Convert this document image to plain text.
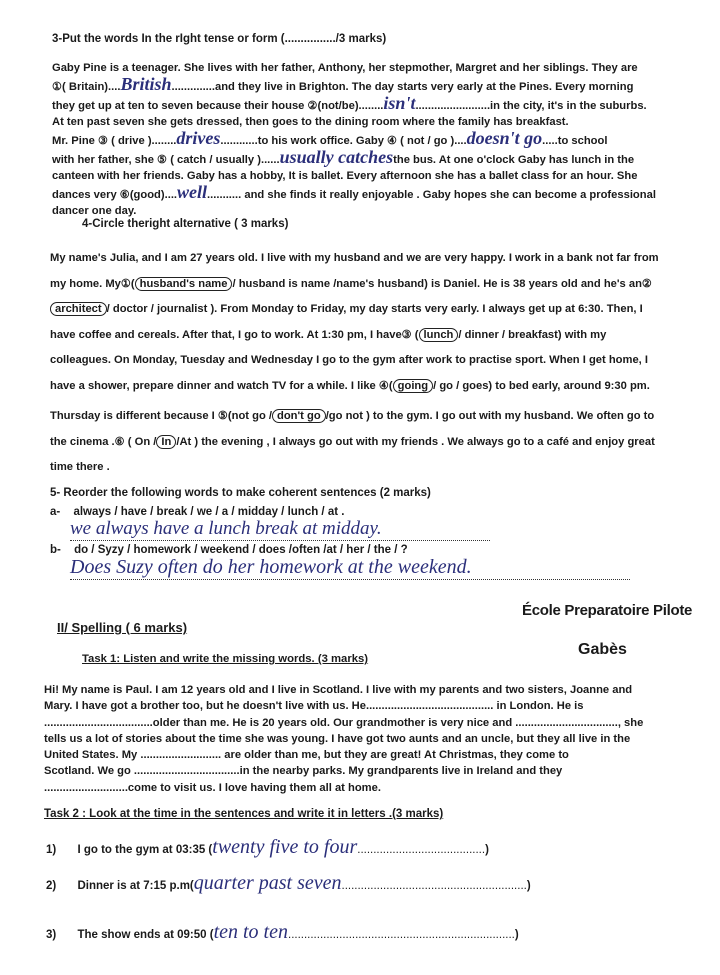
3-Put the words In the rIght tense or form (................/3 marks)

Gaby Pine is a teenager. She lives with her father, Anthony, her stepmother, Margret and her siblings. They are

①( Britain)....British..............and they live in Brighton. The day starts very early at the Pines. Every morning

they get up at ten to seven because their house ②(not/be)........isn't........................in the city, it's in the suburbs.

At ten past seven she gets dressed, then goes to the dining room where the family has breakfast.

Mr. Pine ③ ( drive )........drives............to his work office. Gaby ④ ( not / go )....doesn't go.....to school

with her father, she ⑤ ( catch / usually )......usually catchesthe bus. At one o'clock Gaby has lunch in the

canteen with her friends. Gaby has a hobby, It is ballet. Every afternoon she has a ballet class for an hour. She

dances very ⑥(good)....well........... and she finds it really enjoyable . Gaby hopes she can become a professional

dancer one day.

4-Circle theright alternative ( 3 marks)

My name's Julia, and I am 27 years old. I live with my husband and we are very happy. I work in a bank not far from

my home. My①( husband's name / husband is name /name's husband) is Daniel. He is 38 years old and he's an②

architect / doctor / journalist ). From Monday to Friday, my day starts very early. I always get up at 6:30. Then, I

have coffee and cereals. After that, I go to work. At 1:30 pm, I have③ ( lunch / dinner / breakfast) with my

colleagues. On Monday, Tuesday and Wednesday I go to the gym after work to practise sport. When I get home, I

have a shower, prepare dinner and watch TV for a while. I like ④( going / go / goes) to bed early, around 9:30 pm.

Thursday is different because I ⑤(not go / don't go /go not ) to the gym. I go out with my husband. We often go to

the cinema .⑥ ( On / In /At ) the evening , I always go out with my friends . We always go to a café and enjoy great

time there .

5- Reorder the following words to make coherent sentences (2 marks)
a- always / have / break / we / a / midday / lunch / at .
we always have a lunch break at midday.
b- do / Syzy / homework / weekend / does /often /at / her / the / ?
Does Suzy often do her homework at the weekend.
II/ Spelling ( 6 marks)
École Preparatoire Pilote
Gabès
Task 1: Listen and write the missing words. (3 marks)

Hi! My name is Paul. I am 12 years old and I live in Scotland. I live with my parents and two sisters, Joanne and

Mary. I have got a brother too, but he doesn't live with us. He......................................... in London. He is

...................................older than me. He is 20 years old. Our grandmother is very nice and ................................., she

tells us a lot of stories about the time she was young. I have got two aunts and an uncle, but they all live in the

United States. My .......................... are older than me, but they are great! At Christmas, they come to

Scotland. We go ..................................in the nearby parks. My grandparents live in Ireland and they

...........................come to visit us. I love having them all at home.

Task 2 : Look at the time in the sentences and write it in letters .(3 marks)
1) I go to the gym at 03:35 (twenty five to four........................................)
2) Dinner is at 7:15 p.m(quarter past seven..........................................................)
3) The show ends at 09:50 (ten to ten.......................................................................)
